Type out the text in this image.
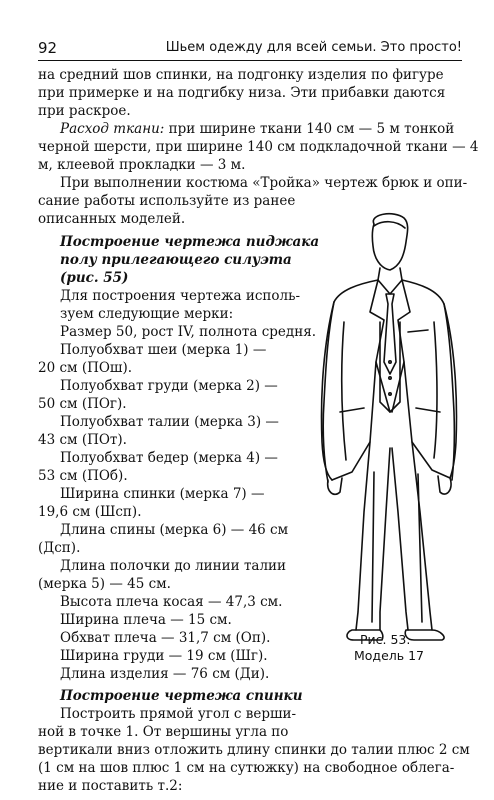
92	Шьем одежду для всей семьи. Это просто!
на средний шов спинки, на подгонку изделия по фигуре
при примерке и на подгибку низа. Эти прибавки даются
при раскрое.
Расход ткани: при ширине ткани 140 см — 5 м тонкой
черной шерсти, при ширине 140 см подкладочной ткани — 4
м, клеевой прокладки — 3 м.
При выполнении костюма «Тройка» чертеж брюк и опи-
сание работы используйте из ранее
описанных моделей.
Построение чертежа пиджака
полу прилегающего силуэта
(рис. 55)
Для построения чертежа исполь-
зуем следующие мерки:
Размер 50, рост IV, полнота средня.
Полуобхват шеи (мерка 1) —
20 см (ПОш).
Полуобхват груди (мерка 2) —
50 см (ПОг).
Полуобхват талии (мерка 3) —
43 см (ПОт).
Полуобхват бедер (мерка 4) —
53 см (ПОб).
Ширина спинки (мерка 7) —
19,6 см (Шсп).
Длина спины (мерка 6) — 46 см
(Дсп).
Длина полочки до линии талии
(мерка 5) — 45 см.
Высота плеча косая — 47,3 см.
Ширина плеча — 15 см.
Обхват плеча — 31,7 см (Оп).
Ширина груди — 19 см (Шг).
Длина изделия — 76 см (Ди).
Построение чертежа спинки
Построить прямой угол с верши-
ной в точке 1. От вершины угла по
вертикали вниз отложить длину спинки до талии плюс 2 см
(1 см на шов плюс 1 см на сутюжку) на свободное облега-
ние и поставить т.2:
Рис. 53.
Модель 17
